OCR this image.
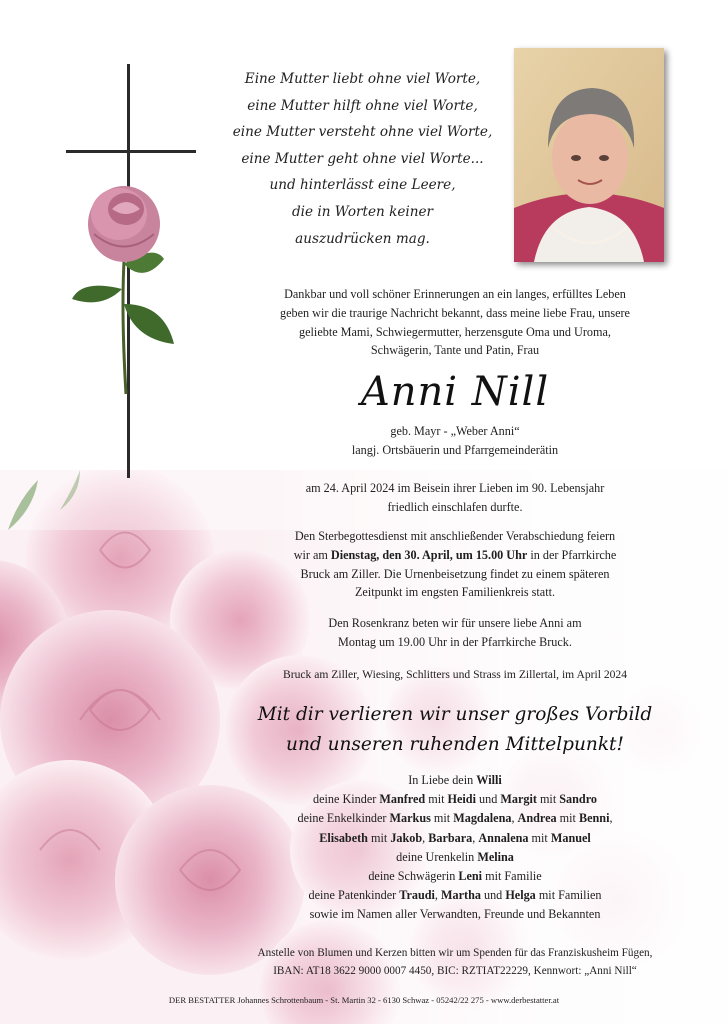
Eine Mutter liebt ohne viel Worte,
eine Mutter hilft ohne viel Worte,
eine Mutter versteht ohne viel Worte,
eine Mutter geht ohne viel Worte...
und hinterlässt eine Leere,
die in Worten keiner
auszudrücken mag.
Dankbar und voll schöner Erinnerungen an ein langes, erfülltes Leben
geben wir die traurige Nachricht bekannt, dass meine liebe Frau, unsere
geliebte Mami, Schwiegermutter, herzensgute Oma und Uroma,
Schwägerin, Tante und Patin, Frau
Anni Nill
geb. Mayr - „Weber Anni“
langj. Ortsbäuerin und Pfarrgemeinderätin
am 24. April 2024 im Beisein ihrer Lieben im 90. Lebensjahr
friedlich einschlafen durfte.
Den Sterbegottesdienst mit anschließender Verabschiedung feiern
wir am Dienstag, den 30. April, um 15.00 Uhr in der Pfarrkirche
Bruck am Ziller. Die Urnenbeisetzung findet zu einem späteren
Zeitpunkt im engsten Familienkreis statt.
Den Rosenkranz beten wir für unsere liebe Anni am
Montag um 19.00 Uhr in der Pfarrkirche Bruck.
Bruck am Ziller, Wiesing, Schlitters und Strass im Zillertal, im April 2024
Mit dir verlieren wir unser großes Vorbild
und unseren ruhenden Mittelpunkt!
In Liebe dein Willi
deine Kinder Manfred mit Heidi und Margit mit Sandro
deine Enkelkinder Markus mit Magdalena, Andrea mit Benni,
Elisabeth mit Jakob, Barbara, Annalena mit Manuel
deine Urenkelin Melina
deine Schwägerin Leni mit Familie
deine Patenkinder Traudi, Martha und Helga mit Familien
sowie im Namen aller Verwandten, Freunde und Bekannten
Anstelle von Blumen und Kerzen bitten wir um Spenden für das Franziskusheim Fügen,
IBAN: AT18 3622 9000 0007 4450, BIC: RZTIAT22229, Kennwort: „Anni Nill“
DER BESTATTER Johannes Schrottenbaum - St. Martin 32 - 6130 Schwaz - 05242/22 275 - www.derbestatter.at
